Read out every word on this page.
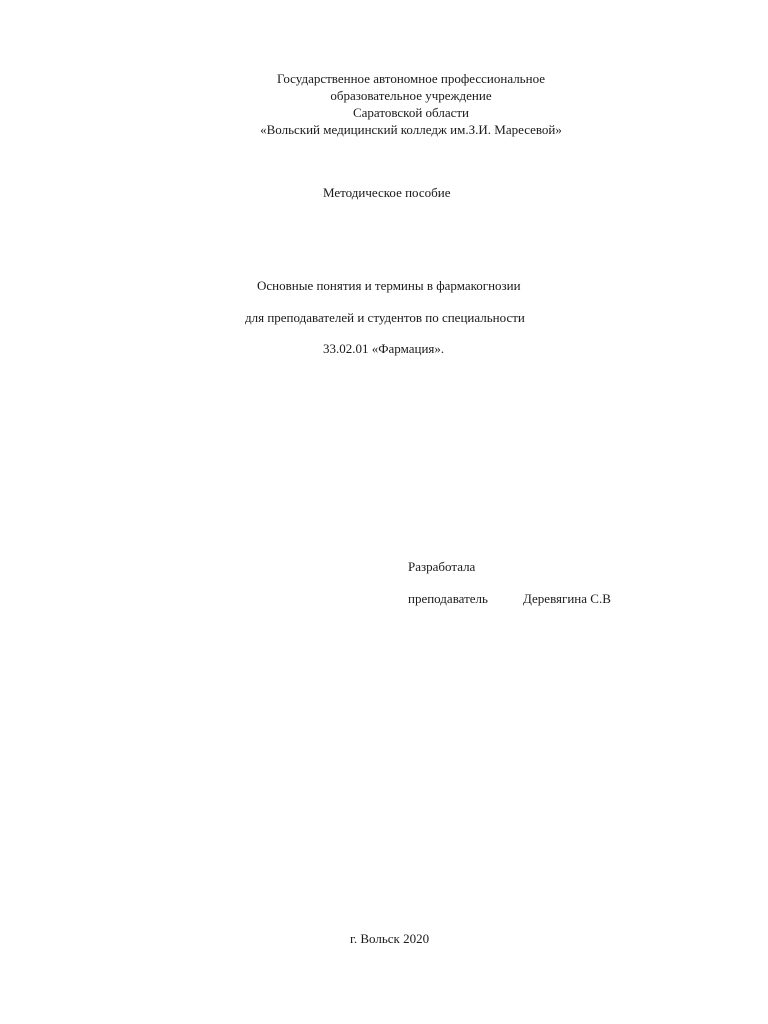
Государственное автономное профессиональное
образовательное учреждение
Саратовской области
«Вольский медицинский колледж им.З.И. Маресевой»
Методическое пособие
Основные понятия и термины в фармакогнозии
для преподавателей и студентов по специальности
33.02.01 «Фармация».
Разработала
преподаватель	Деревягина С.В
г. Вольск 2020
